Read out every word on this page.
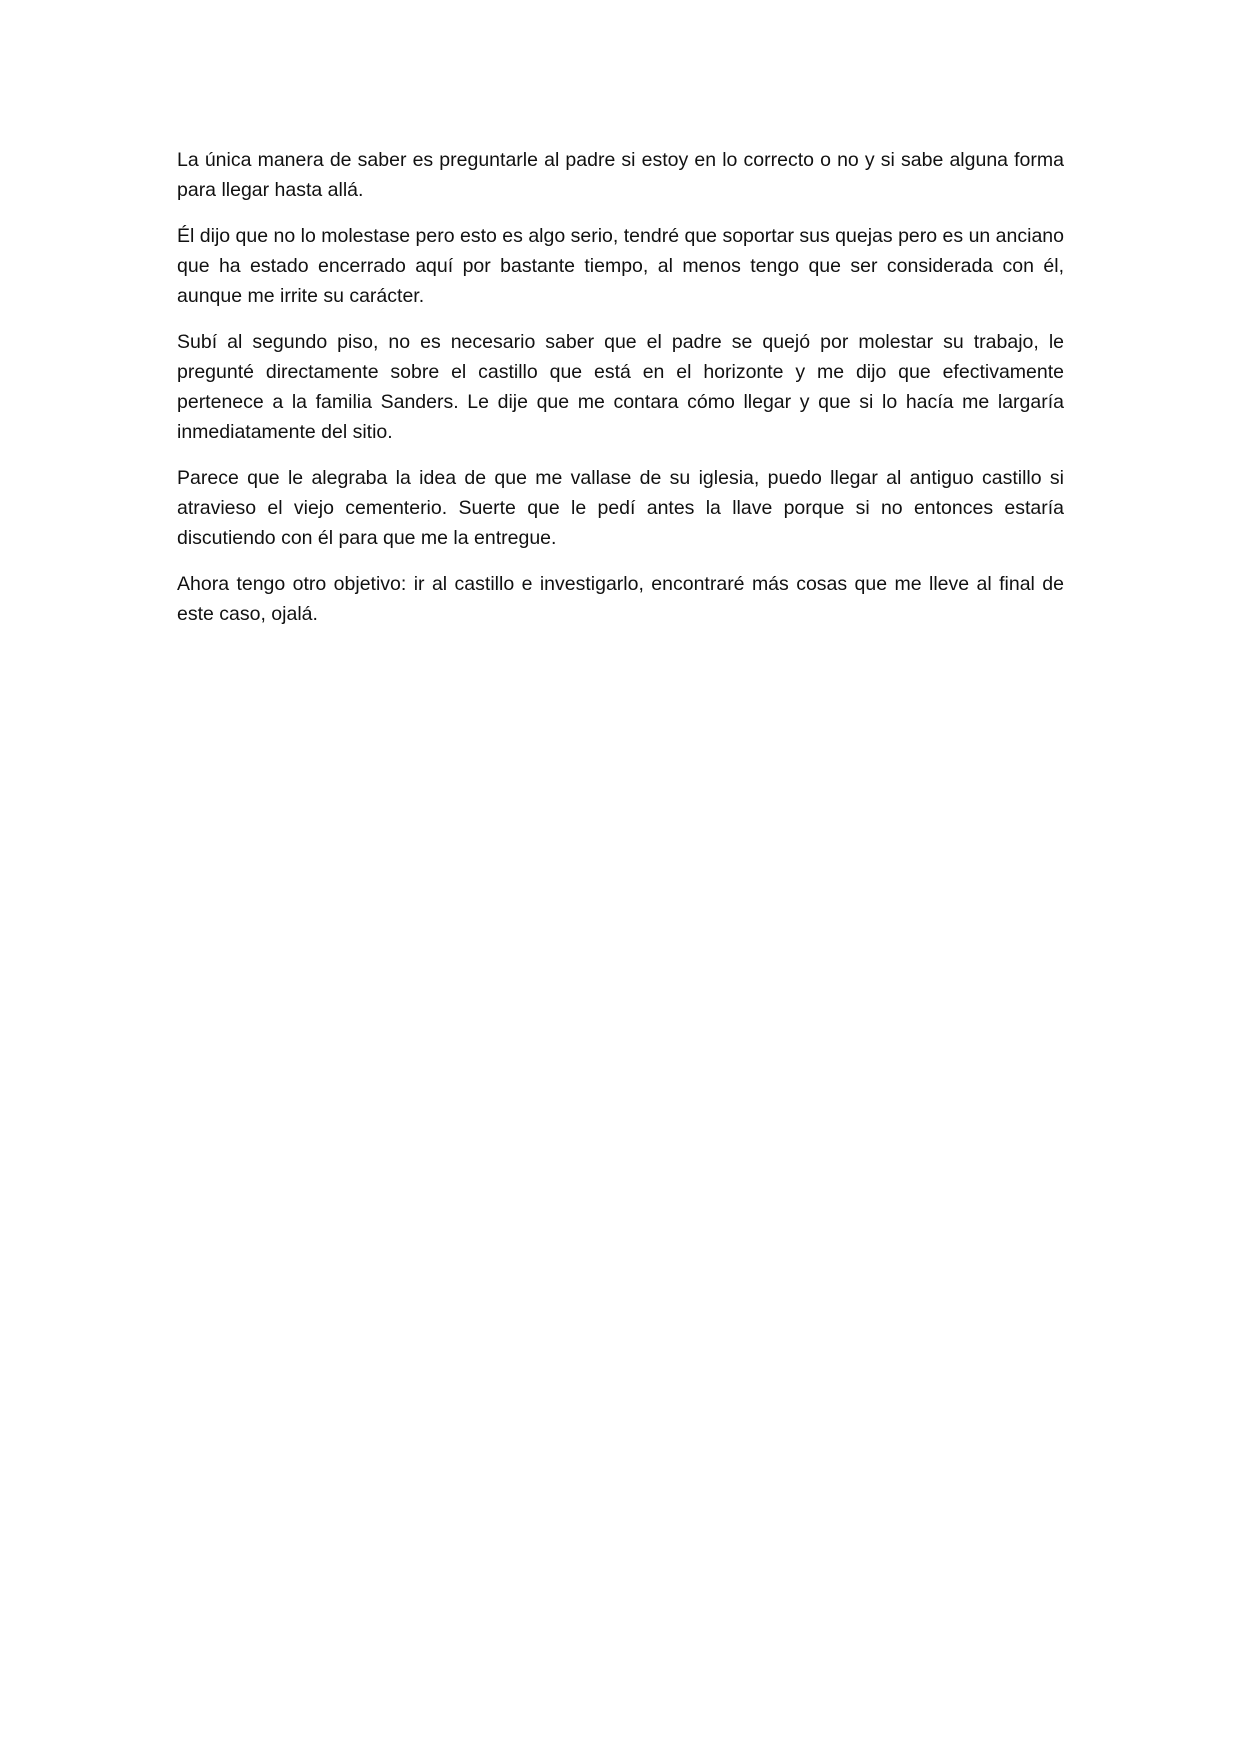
La única manera de saber es preguntarle al padre si estoy en lo correcto o no y si sabe alguna forma para llegar hasta allá.

Él dijo que no lo molestase pero esto es algo serio, tendré que soportar sus quejas pero es un anciano que ha estado encerrado aquí por bastante tiempo, al menos tengo que ser considerada con él, aunque me irrite su carácter.

Subí al segundo piso, no es necesario saber que el padre se quejó por molestar su trabajo, le pregunté directamente sobre el castillo que está en el horizonte y me dijo que efectivamente pertenece a la familia Sanders. Le dije que me contara cómo llegar y que si lo hacía me largaría inmediatamente del sitio.

Parece que le alegraba la idea de que me vallase de su iglesia, puedo llegar al antiguo castillo si atravieso el viejo cementerio. Suerte que le pedí antes la llave porque si no entonces estaría discutiendo con él para que me la entregue.

Ahora tengo otro objetivo: ir al castillo e investigarlo, encontraré más cosas que me lleve al final de este caso, ojalá.
